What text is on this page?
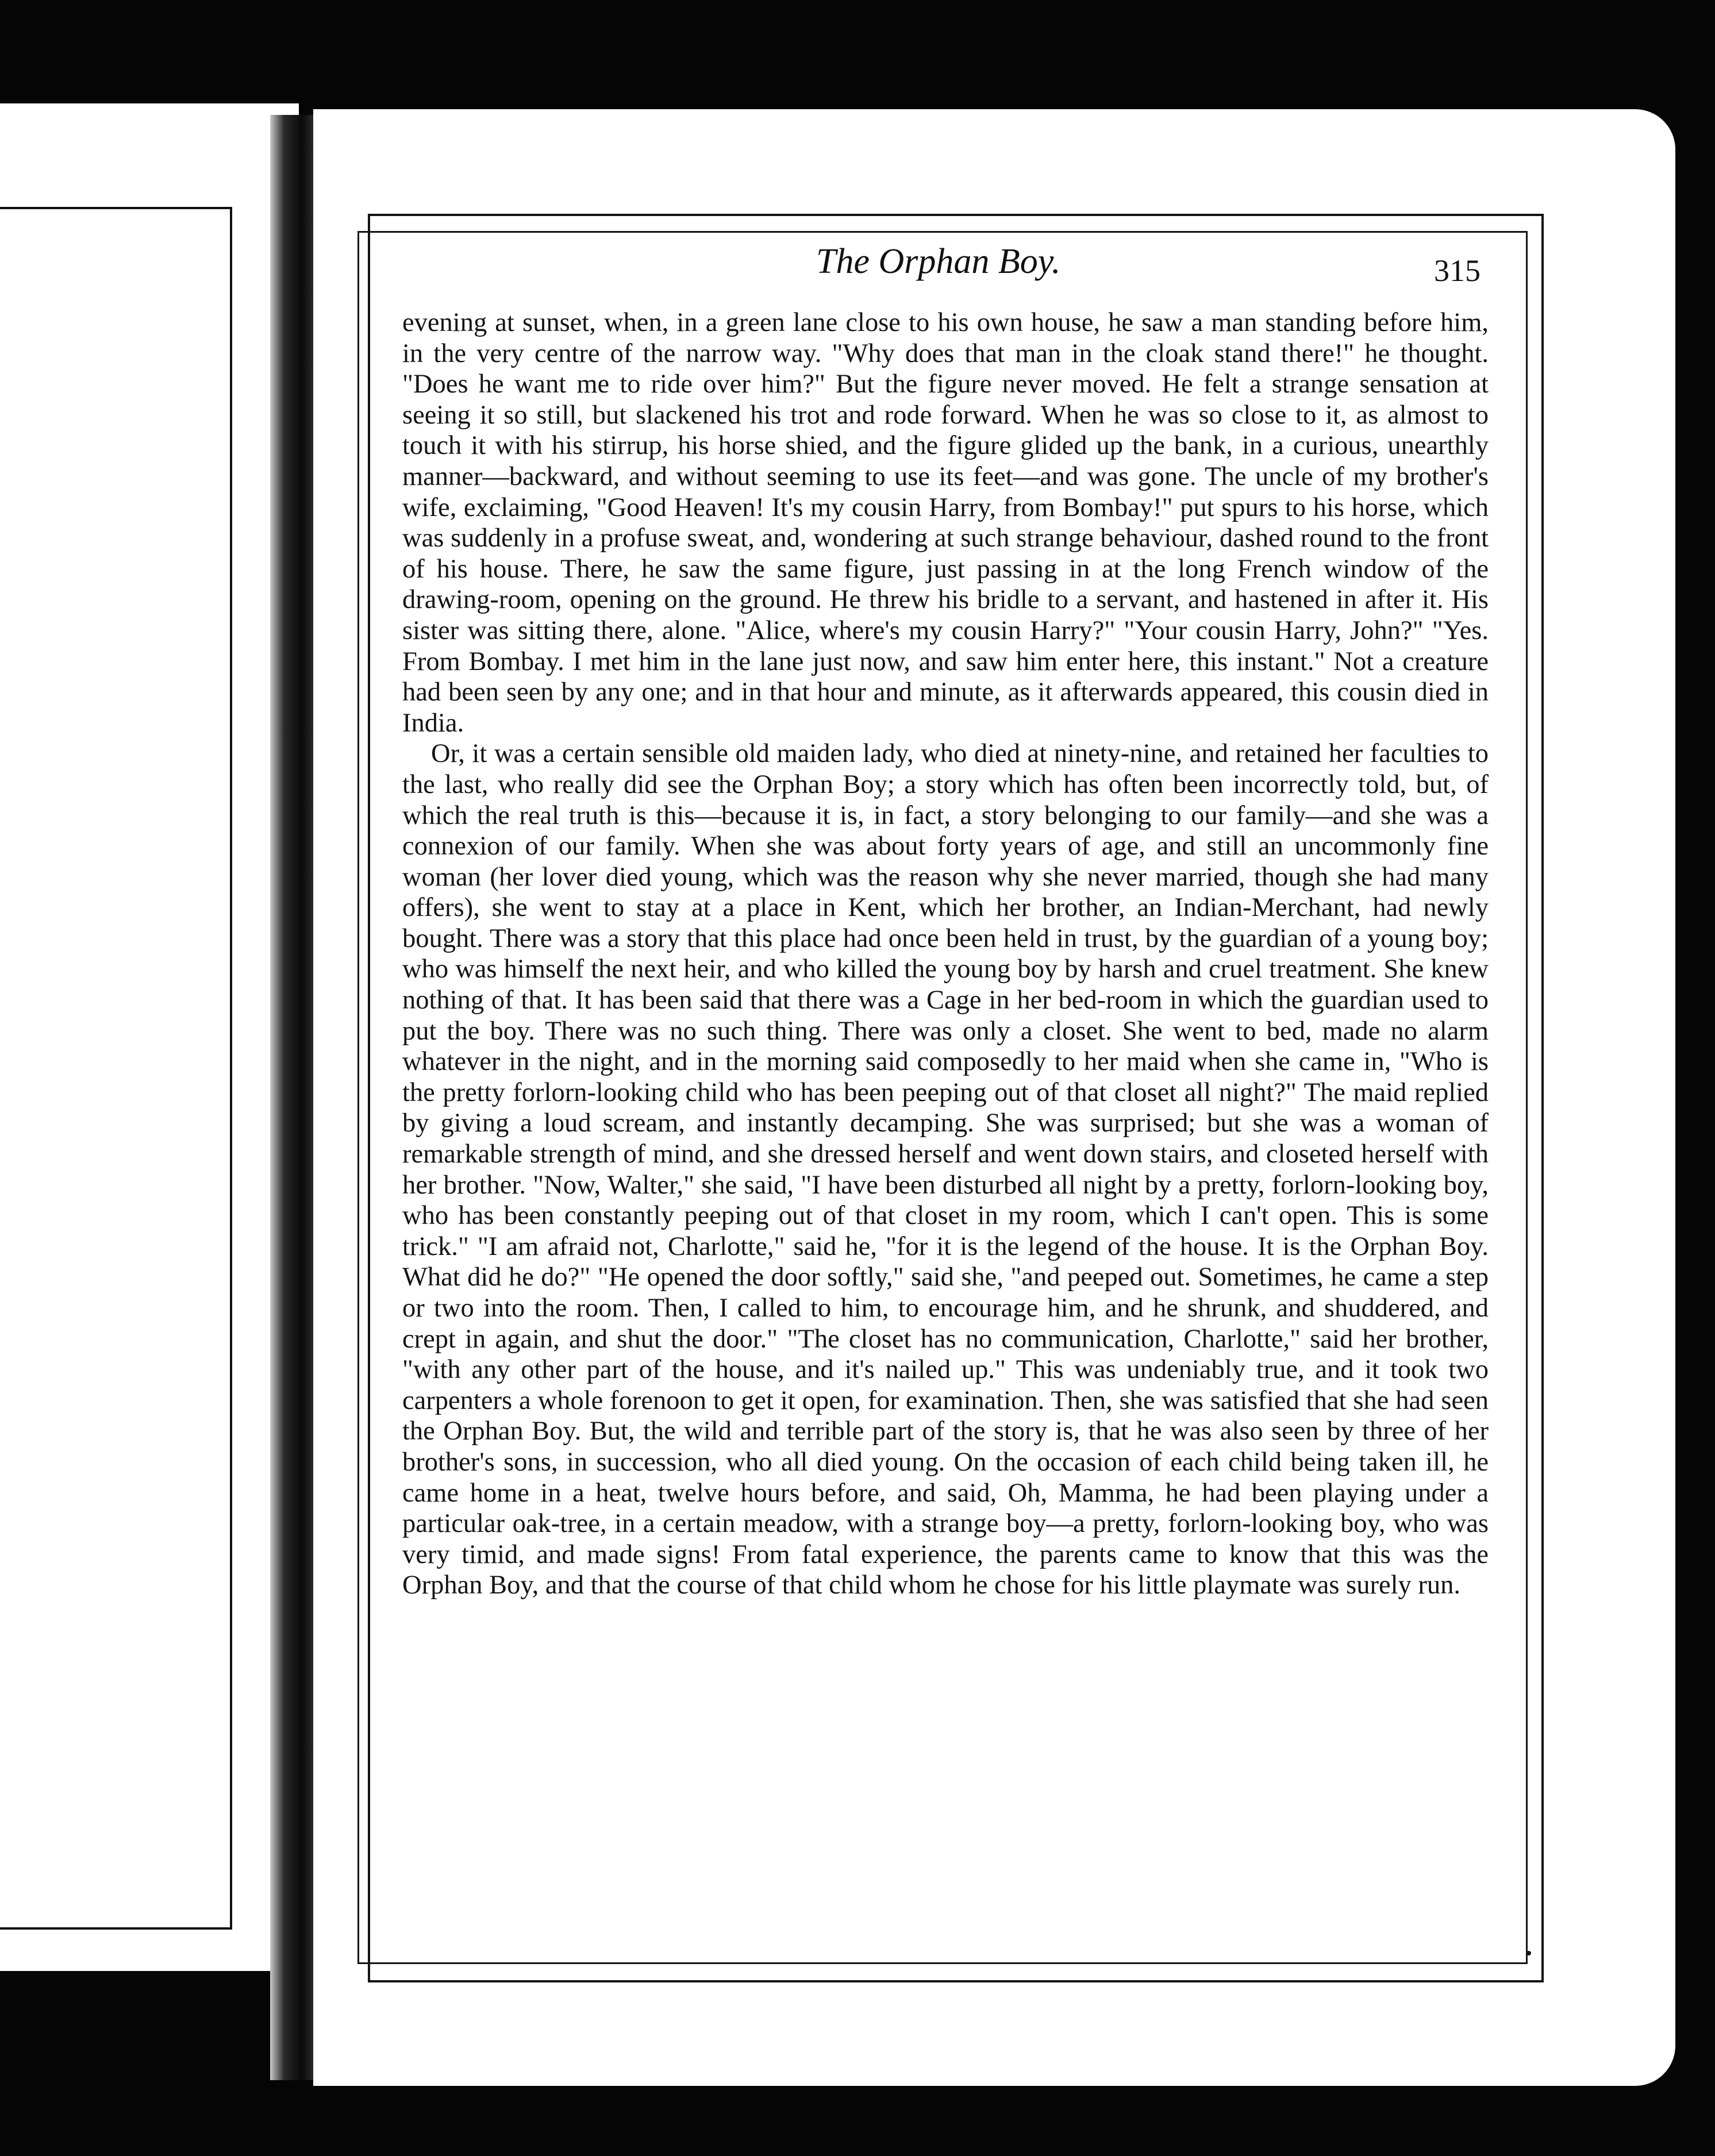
The Orphan Boy.	315

evening at sunset, when, in a green lane close to his own house, he saw a man standing before him, in the very centre of the narrow way. "Why does that man in the cloak stand there!" he thought. "Does he want me to ride over him?" But the figure never moved. He felt a strange sensation at seeing it so still, but slackened his trot and rode forward. When he was so close to it, as almost to touch it with his stirrup, his horse shied, and the figure glided up the bank, in a curious, unearthly manner—backward, and without seeming to use its feet—and was gone. The uncle of my brother's wife, exclaiming, "Good Heaven! It's my cousin Harry, from Bombay!" put spurs to his horse, which was suddenly in a profuse sweat, and, wondering at such strange behaviour, dashed round to the front of his house. There, he saw the same figure, just passing in at the long French window of the drawing-room, opening on the ground. He threw his bridle to a servant, and hastened in after it. His sister was sitting there, alone. "Alice, where's my cousin Harry?" "Your cousin Harry, John?" "Yes. From Bombay. I met him in the lane just now, and saw him enter here, this instant." Not a creature had been seen by any one; and in that hour and minute, as it afterwards appeared, this cousin died in India.

Or, it was a certain sensible old maiden lady, who died at ninety-nine, and retained her faculties to the last, who really did see the Orphan Boy; a story which has often been incorrectly told, but, of which the real truth is this—because it is, in fact, a story belonging to our family—and she was a connexion of our family. When she was about forty years of age, and still an uncommonly fine woman (her lover died young, which was the reason why she never married, though she had many offers), she went to stay at a place in Kent, which her brother, an Indian-Merchant, had newly bought. There was a story that this place had once been held in trust, by the guardian of a young boy; who was himself the next heir, and who killed the young boy by harsh and cruel treatment. She knew nothing of that. It has been said that there was a Cage in her bed-room in which the guardian used to put the boy. There was no such thing. There was only a closet. She went to bed, made no alarm whatever in the night, and in the morning said composedly to her maid when she came in, "Who is the pretty forlorn-looking child who has been peeping out of that closet all night?" The maid replied by giving a loud scream, and instantly decamping. She was surprised; but she was a woman of remarkable strength of mind, and she dressed herself and went down stairs, and closeted herself with her brother. "Now, Walter," she said, "I have been disturbed all night by a pretty, forlorn-looking boy, who has been constantly peeping out of that closet in my room, which I can't open. This is some trick." "I am afraid not, Charlotte," said he, "for it is the legend of the house. It is the Orphan Boy. What did he do?" "He opened the door softly," said she, "and peeped out. Sometimes, he came a step or two into the room. Then, I called to him, to encourage him, and he shrunk, and shuddered, and crept in again, and shut the door." "The closet has no communication, Charlotte," said her brother, "with any other part of the house, and it's nailed up." This was undeniably true, and it took two carpenters a whole forenoon to get it open, for examination. Then, she was satisfied that she had seen the Orphan Boy. But, the wild and terrible part of the story is, that he was also seen by three of her brother's sons, in succession, who all died young. On the occasion of each child being taken ill, he came home in a heat, twelve hours before, and said, Oh, Mamma, he had been playing under a particular oak-tree, in a certain meadow, with a strange boy—a pretty, forlorn-looking boy, who was very timid, and made signs! From fatal experience, the parents came to know that this was the Orphan Boy, and that the course of that child whom he chose for his little playmate was surely run.
